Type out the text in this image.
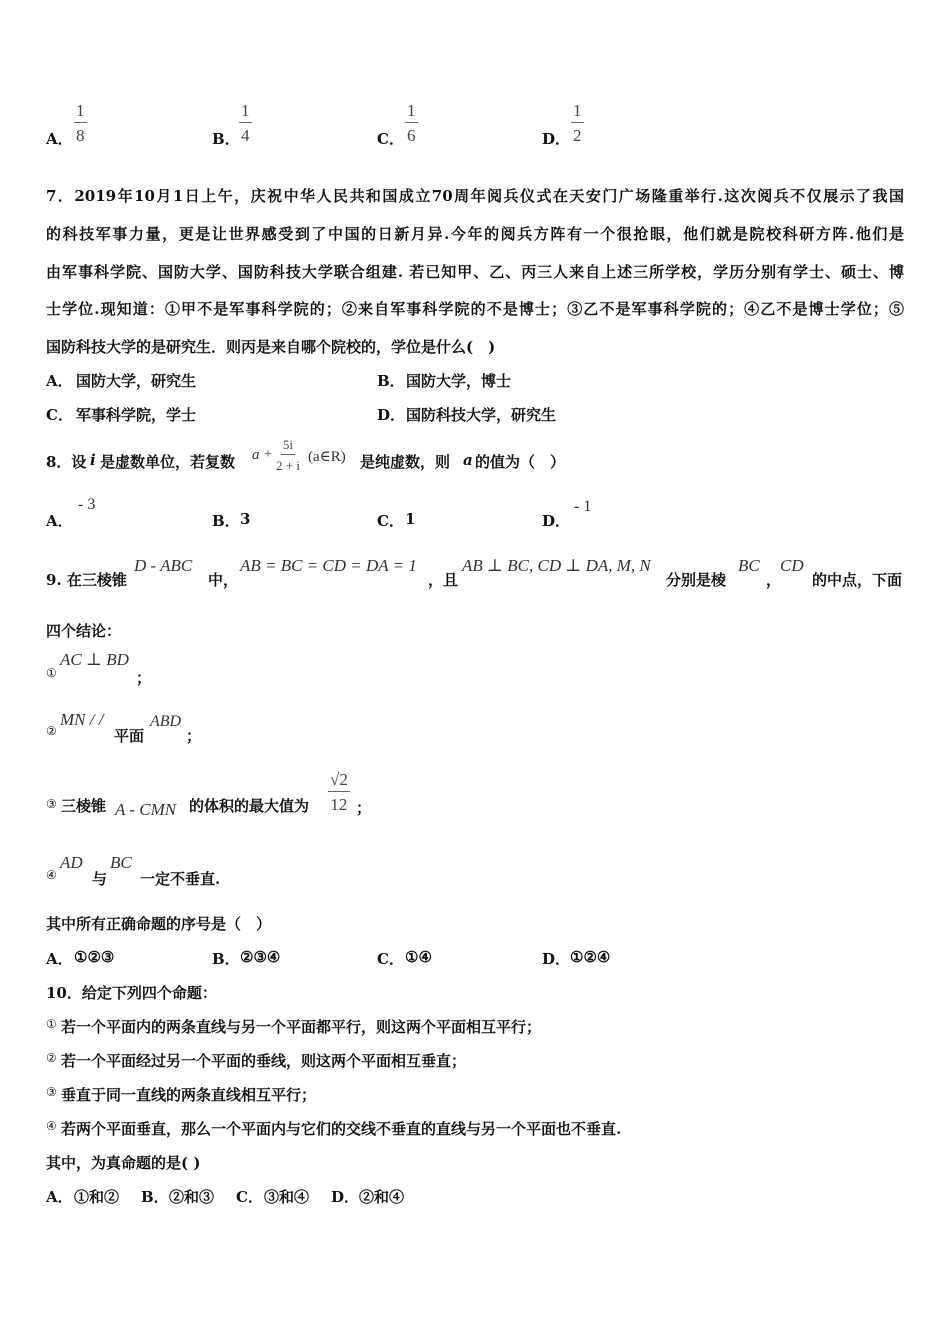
A． $\frac{1}{8}$	B． $\frac{1}{4}$	C． $\frac{1}{6}$	D． $\frac{1}{2}$
7．2019年10月1日上午，庆祝中华人民共和国成立70周年阅兵仪式在天安门广场隆重举行.这次阅兵不仅展示了我国
的科技军事力量，更是让世界感受到了中国的日新月异.今年的阅兵方阵有一个很抢眼，他们就是院校科研方阵.他们是
由军事科学院、国防大学、国防科技大学联合组建. 若已知甲、乙、丙三人来自上述三所学校，学历分别有学士、硕士、博
士学位.现知道：①甲不是军事科学院的；②来自军事科学院的不是博士；③乙不是军事科学院的；④乙不是博士学位；⑤
国防科技大学的是研究生．则丙是来自哪个院校的，学位是什么(　)
A． 国防大学，研究生	B． 国防大学，博士
C． 军事科学院，学士	D． 国防科技大学，研究生
8．设 i 是虚数单位，若复数 $a + \frac{5i}{2 + i}$ (a∈R) 是纯虚数，则 a 的值为（　）
A．
- 3
B． 3	C． 1	D．
- 1
9. 在三棱锥
D - ABC
中，
AB = BC = CD = DA = 1
，且
AB ⊥ BC, CD ⊥ DA, M, N
分别是棱
BC
，
CD
的中点，下面
四个结论：
①
AC ⊥ BD
；
②
MN / /
平面
ABD
；
③ 三棱锥 A - CMN 的体积的最大值为 $\frac{√2}{12}$ ；
④
AD
与
BC
一定不垂直.
其中所有正确命题的序号是（　）
A． ①②③	B． ②③④	C． ①④	D． ①②④
10．给定下列四个命题：
① 若一个平面内的两条直线与另一个平面都平行，则这两个平面相互平行；
② 若一个平面经过另一个平面的垂线，则这两个平面相互垂直；
③ 垂直于同一直线的两条直线相互平行；
④ 若两个平面垂直，那么一个平面内与它们的交线不垂直的直线与另一个平面也不垂直.
其中，为真命题的是( )
A． ①和② B． ②和③ C． ③和④ D． ②和④
